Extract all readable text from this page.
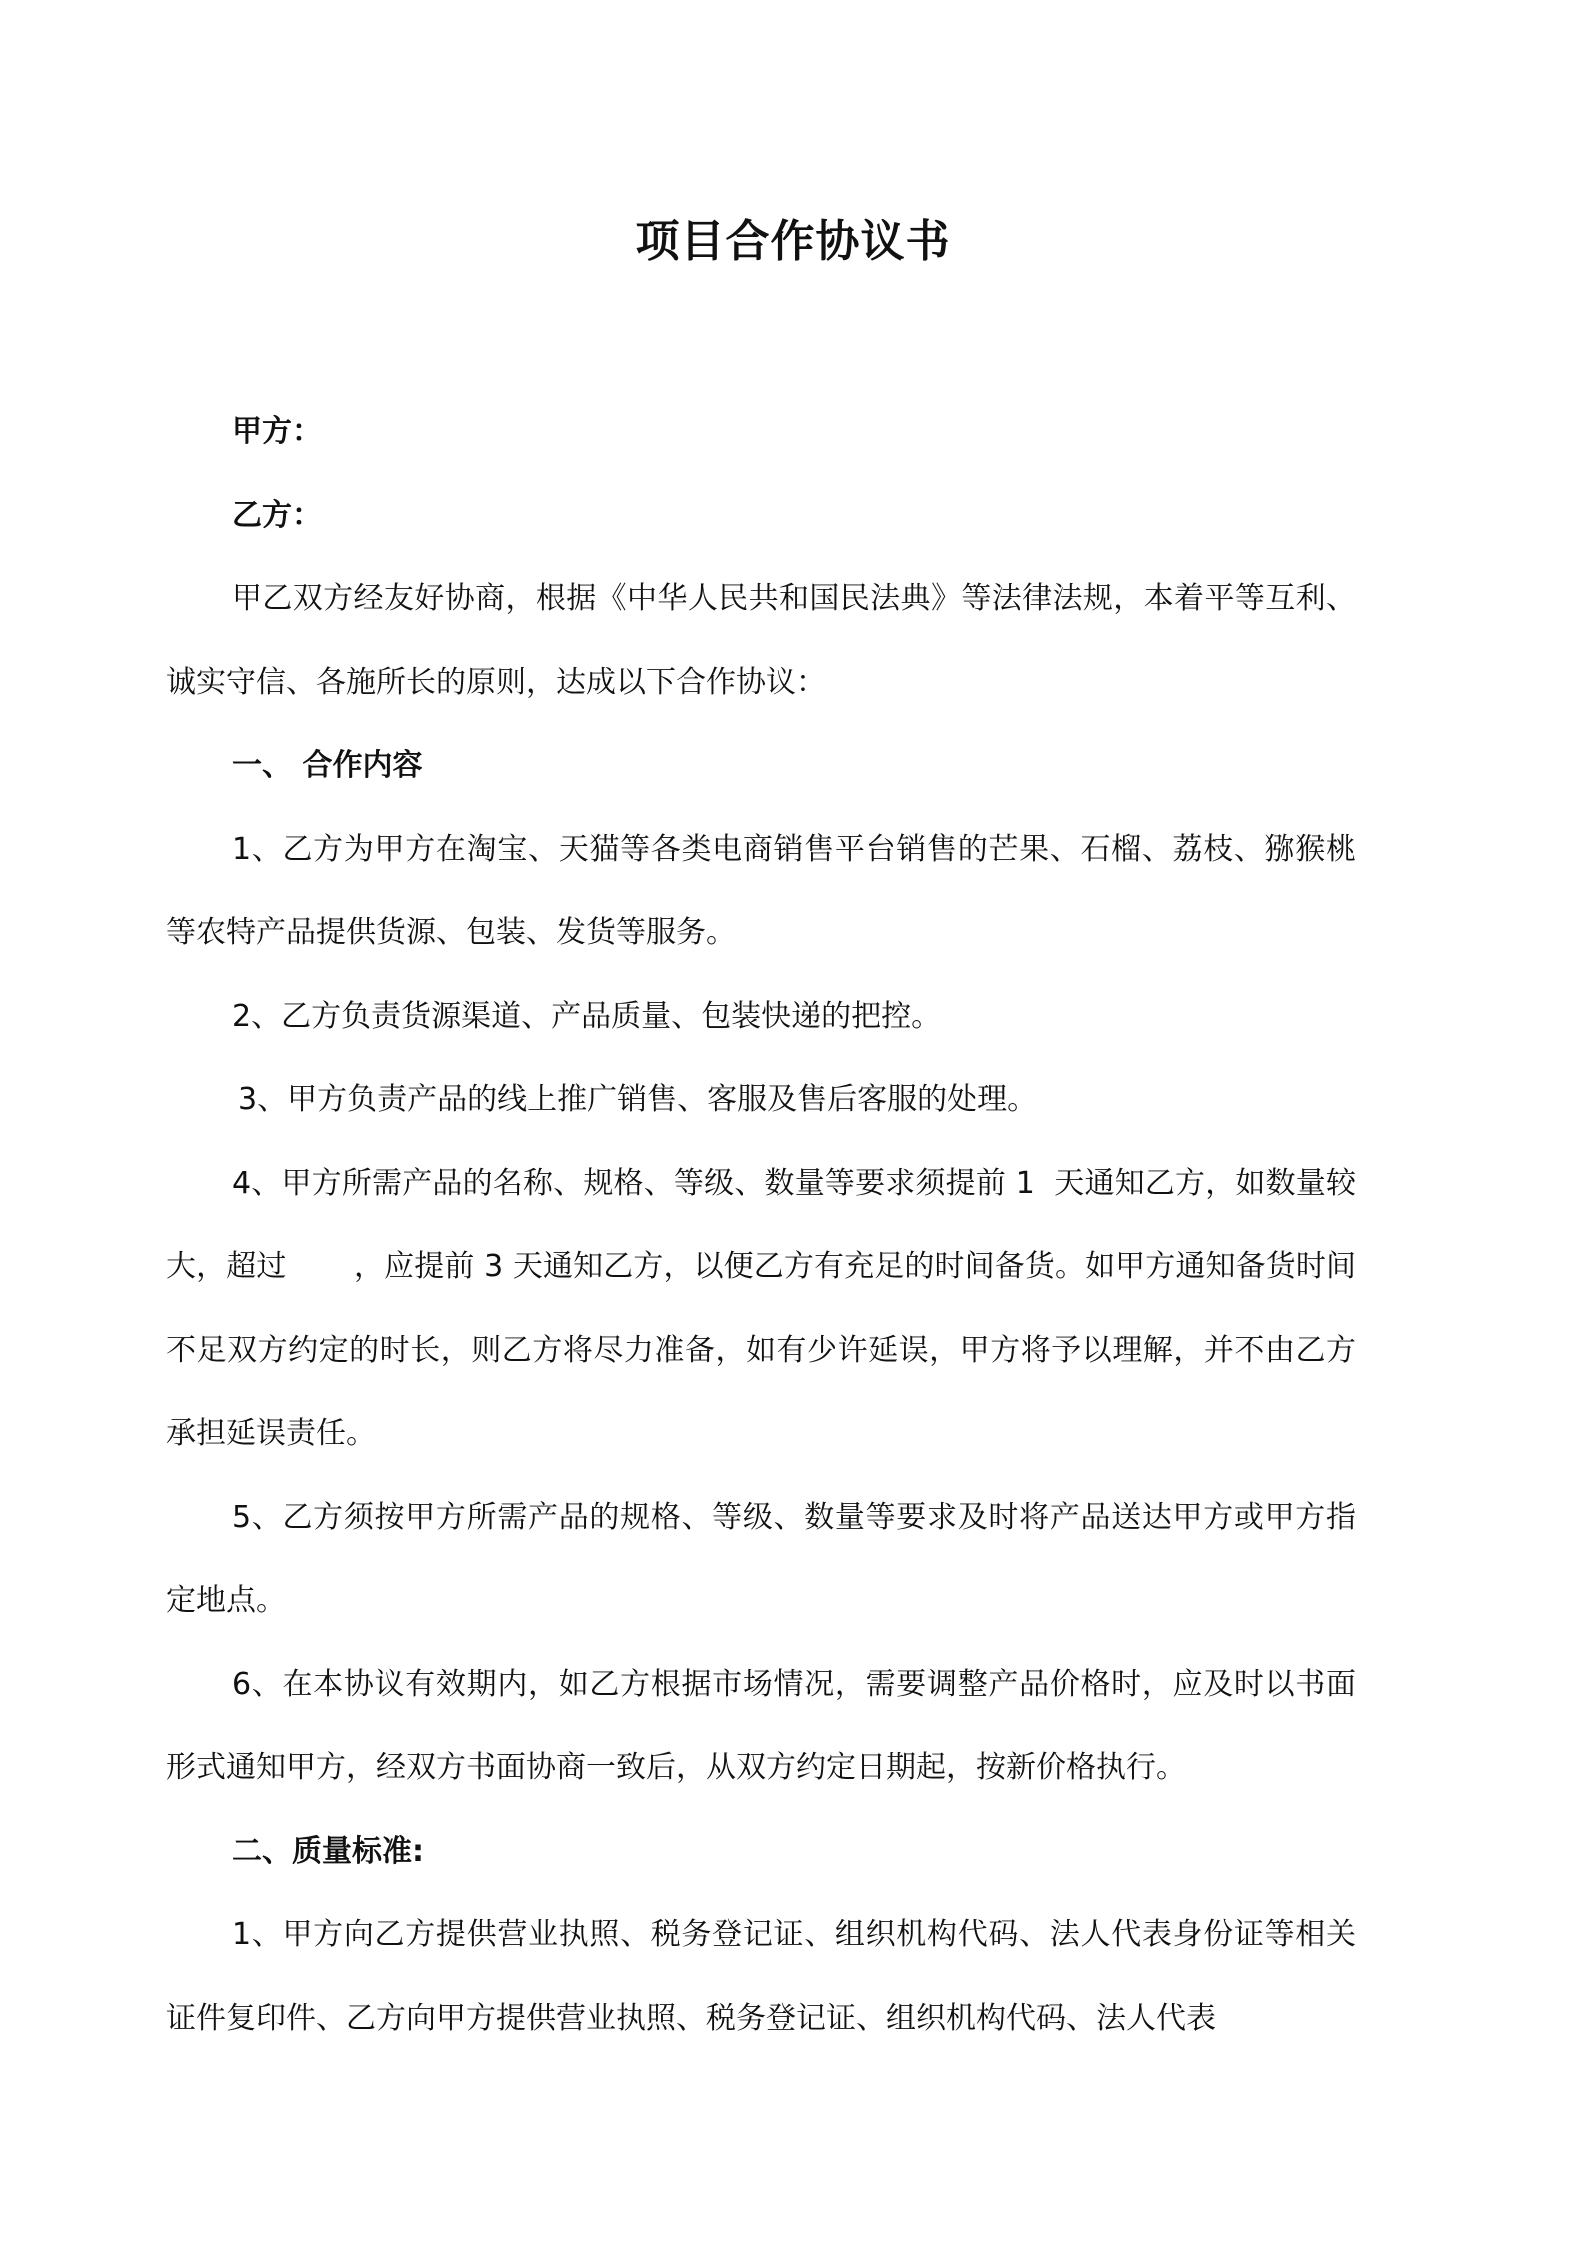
项目合作协议书

甲方：

乙方：

甲乙双方经友好协商，根据《中华人民共和国民法典》等法律法规，本着平等互利、诚实守信、各施所长的原则，达成以下合作协议：

一、 合作内容

1、乙方为甲方在淘宝、天猫等各类电商销售平台销售的芒果、石榴、荔枝、猕猴桃等农特产品提供货源、包装、发货等服务。

2、乙方负责货源渠道、产品质量、包装快递的把控。

3、甲方负责产品的线上推广销售、客服及售后客服的处理。

4、甲方所需产品的名称、规格、等级、数量等要求须提前 1  天通知乙方，如数量较大，超过       ，应提前 3 天通知乙方，以便乙方有充足的时间备货。如甲方通知备货时间不足双方约定的时长，则乙方将尽力准备，如有少许延误，甲方将予以理解，并不由乙方承担延误责任。

5、乙方须按甲方所需产品的规格、等级、数量等要求及时将产品送达甲方或甲方指定地点。

6、在本协议有效期内，如乙方根据市场情况，需要调整产品价格时，应及时以书面形式通知甲方，经双方书面协商一致后，从双方约定日期起，按新价格执行。

二、质量标准:

1、甲方向乙方提供营业执照、税务登记证、组织机构代码、法人代表身份证等相关证件复印件、乙方向甲方提供营业执照、税务登记证、组织机构代码、法人代表
